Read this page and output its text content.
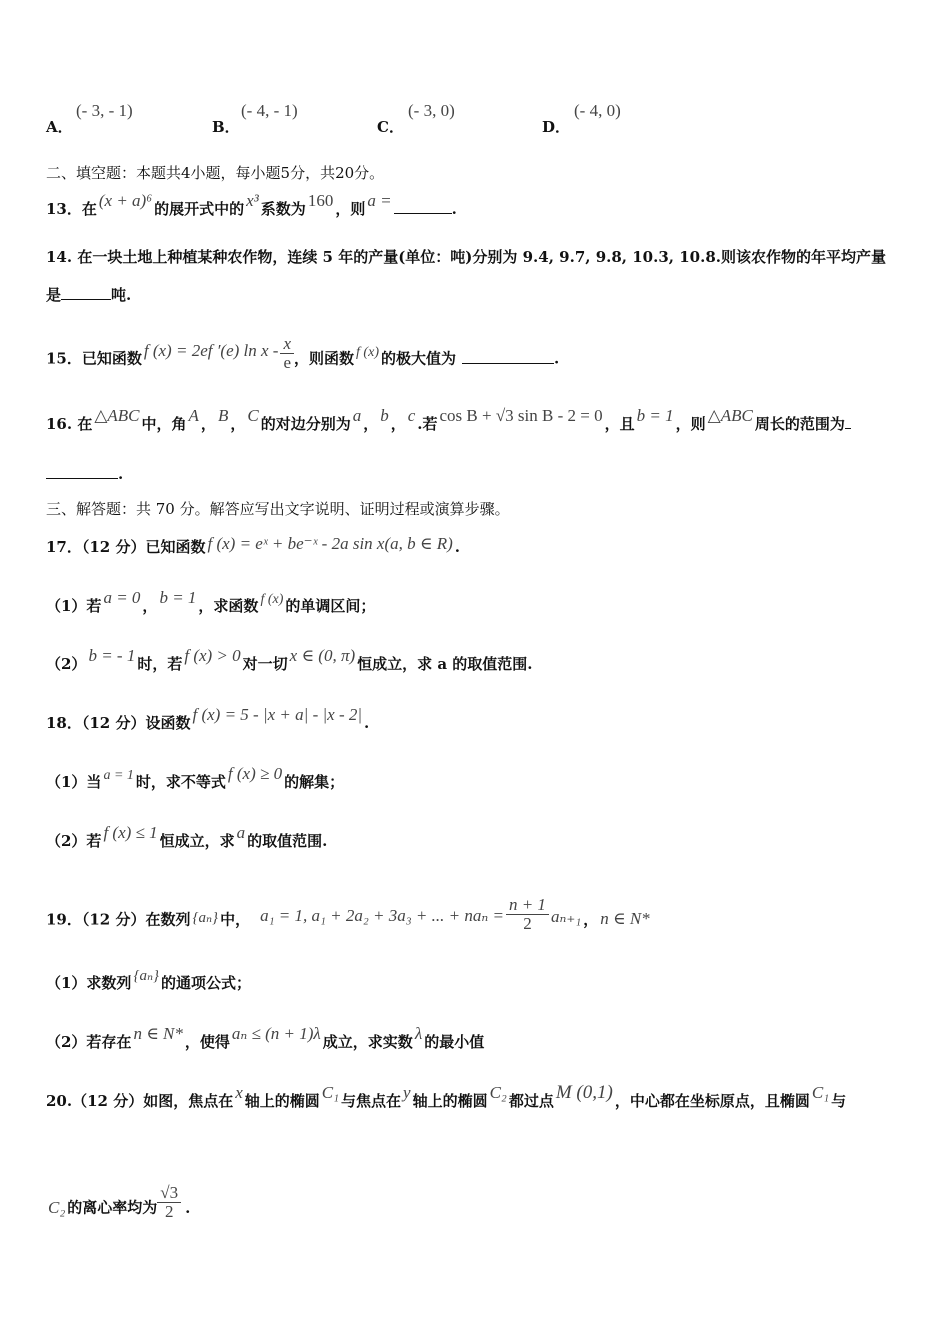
A．
(- 3, - 1)
B．
(- 4, - 1)
C．
(- 3, 0)
D．
(- 4, 0)
二、填空题：本题共4小题，每小题5分，共20分。
13．在 (x + a)⁶ 的展开式中的 x³ 系数为 160 ，则 a =	.
14. 在一块土地上种植某种农作物，连续 5 年的产量(单位：吨)分别为 9.4, 9.7, 9.8, 10.3, 10.8.则该农作物的年平均产量
是	吨.
15．已知函数 f (x) = 2ef ′(e) ln x - $\frac{x}{e}$ ，则函数 f (x) 的极大值为	.
16. 在 △ABC 中，角 A ， B ， C 的对边分别为 a ， b ， c .若 cos B + √3 sin B - 2 = 0 ，且 b = 1 ，则 △ABC 周长的范围为
.
三、解答题：共 70 分。解答应写出文字说明、证明过程或演算步骤。
17．（12 分）已知函数 f (x) = eˣ + be⁻ˣ - 2a sin x(a, b ∈ R) .
（1）若 a = 0 ， b = 1 ，求函数 f (x) 的单调区间；
（2） b = - 1 时，若 f (x) > 0 对一切 x ∈ (0, π) 恒成立，求 a 的取值范围.
18．（12 分）设函数 f (x) = 5 - |x + a| - |x - 2| .
（1）当 a = 1 时，求不等式 f (x) ≥ 0 的解集；
（2）若 f (x) ≤ 1 恒成立，求 a 的取值范围.
19．（12 分）在数列 {aₙ} 中， a₁ = 1, a₁ + 2a₂ + 3a₃ + ... + $na_n = \frac{n + 1}{2} a_{n+1}$ ， n ∈ N*
（1）求数列 {aₙ} 的通项公式；
（2）若存在 n ∈ N* ，使得 aₙ ≤ (n + 1)λ 成立，求实数 λ 的最小值
20.（12 分）如图，焦点在 x 轴上的椭圆 C₁ 与焦点在 y 轴上的椭圆 C₂ 都过点 M (0,1) ，中心都在坐标原点，且椭圆 C₁ 与
C₂ 的离心率均为 $\frac{√3}{2}$ .
